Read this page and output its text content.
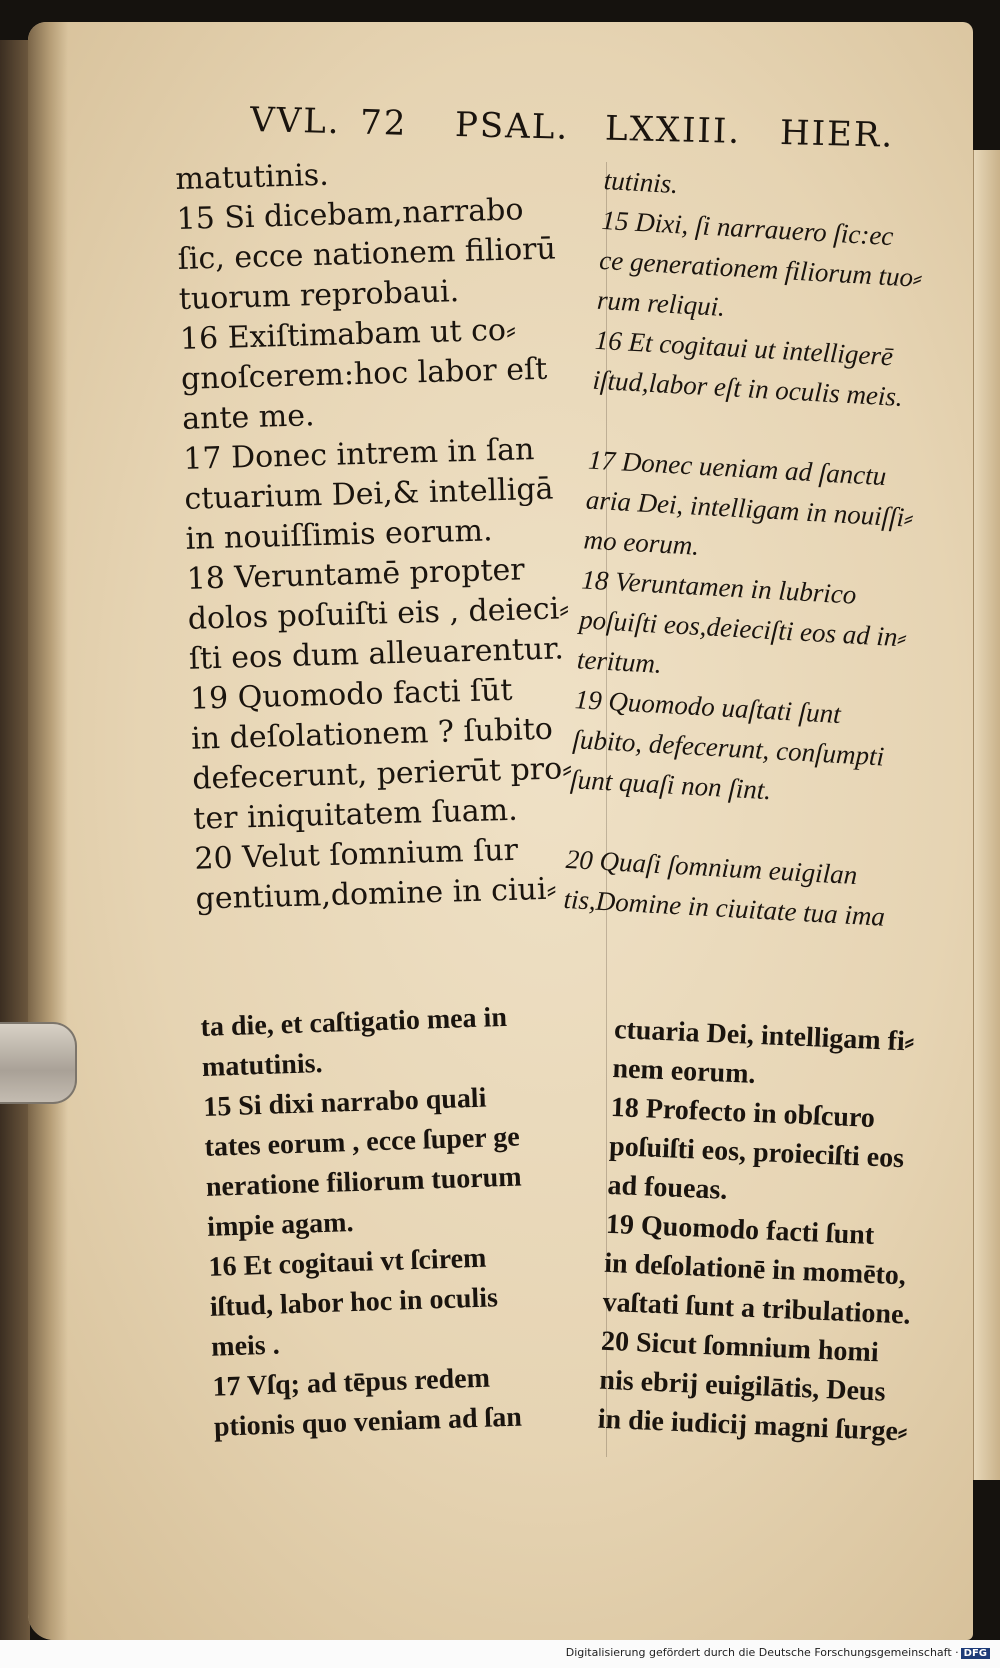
VVL. 72 PSAL. LXXIII. HIER.
matutinis.
15 Si dicebam,narrabo
ſic, ecce nationem filiorū
tuorum reprobaui.
16 Exiſtimabam ut co⸗
gnoſcerem:hoc labor eſt
ante me.
17 Donec intrem in ſan
ctuarium Dei,& intelligā
in nouiſſimis eorum.
18 Veruntamē propter
dolos poſuiſti eis , deieci⸗
ſti eos dum alleuarentur.
19 Quomodo facti ſūt
in deſolationem ? ſubito
defecerunt, perierūt pro⸗
ter iniquitatem ſuam.
20 Velut ſomnium ſur
gentium,domine in ciui⸗
tutinis.
15 Dixi, ſi narrauero ſic:ec
ce generationem filiorum tuo⸗
rum reliqui.
16 Et cogitaui ut intelligerē
iſtud,labor eſt in oculis meis.

17 Donec ueniam ad ſanctu
aria Dei, intelligam in nouiſſi⸗
mo eorum.
18 Veruntamen in lubrico
poſuiſti eos,deieciſti eos ad in⸗
teritum.
19 Quomodo uaſtati ſunt
ſubito, defecerunt, conſumpti
ſunt quaſi non ſint.

20 Quaſi ſomnium euigilan
tis,Domine in ciuitate tua ima
ta die, et caſtigatio mea in
matutinis.
15 Si dixi narrabo quali
tates eorum , ecce ſuper ge
neratione filiorum tuorum
impie agam.
16 Et cogitaui vt ſcirem
iſtud, labor hoc in oculis
meis .
17 Vſq; ad tēpus redem
ptionis quo veniam ad ſan
ctuaria Dei, intelligam fi⸗
nem eorum.
18 Profecto in obſcuro
poſuiſti eos, proieciſti eos
ad foueas.
19 Quomodo facti ſunt
in deſolationē in momēto,
vaſtati ſunt a tribulatione.
20 Sicut ſomnium homi
nis ebrij euigilātis, Deus
in die iudicij magni ſurge⸗
Digitalisierung gefördert durch die Deutsche Forschungsgemeinschaft · DFG
